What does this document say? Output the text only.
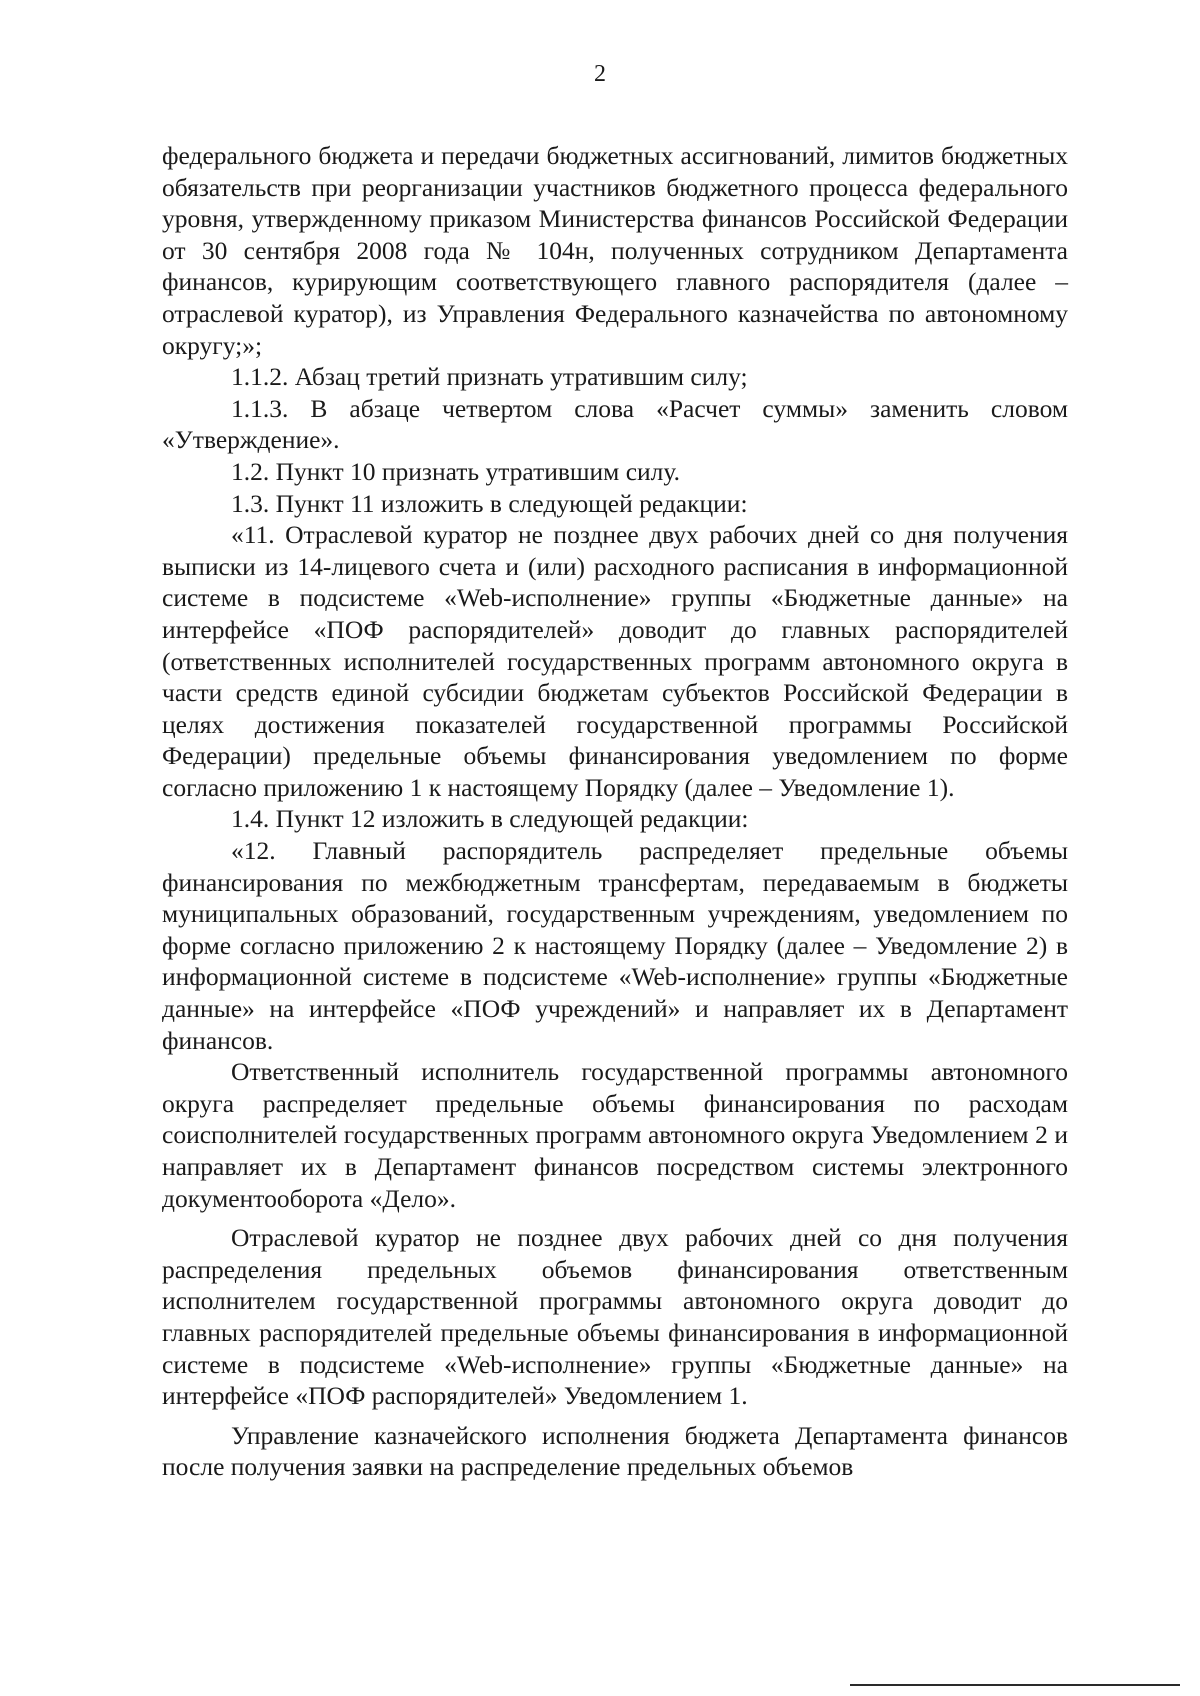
2

федерального бюджета и передачи бюджетных ассигнований, лимитов бюджетных обязательств при реорганизации участников бюджетного процесса федерального уровня, утвержденному приказом Министерства финансов Российской Федерации от 30 сентября 2008 года № 104н, полученных сотрудником Департамента финансов, курирующим соответствующего главного распорядителя (далее – отраслевой куратор), из Управления Федерального казначейства по автономному округу;»;

1.1.2. Абзац третий признать утратившим силу;

1.1.3. В абзаце четвертом слова «Расчет суммы» заменить словом «Утверждение».

1.2. Пункт 10 признать утратившим силу.

1.3. Пункт 11 изложить в следующей редакции:

«11. Отраслевой куратор не позднее двух рабочих дней со дня получения выписки из 14-лицевого счета и (или) расходного расписания в информационной системе в подсистеме «Web-исполнение» группы «Бюджетные данные» на интерфейсе «ПОФ распорядителей» доводит до главных распорядителей (ответственных исполнителей государственных программ автономного округа в части средств единой субсидии бюджетам субъектов Российской Федерации в целях достижения показателей государственной программы Российской Федерации) предельные объемы финансирования уведомлением по форме согласно приложению 1 к настоящему Порядку (далее – Уведомление 1).

1.4. Пункт 12 изложить в следующей редакции:

«12. Главный распорядитель распределяет предельные объемы финансирования по межбюджетным трансфертам, передаваемым в бюджеты муниципальных образований, государственным учреждениям, уведомлением по форме согласно приложению 2 к настоящему Порядку (далее – Уведомление 2) в информационной системе в подсистеме «Web-исполнение» группы «Бюджетные данные» на интерфейсе «ПОФ учреждений» и направляет их в Департамент финансов.

Ответственный исполнитель государственной программы автономного округа распределяет предельные объемы финансирования по расходам соисполнителей государственных программ автономного округа Уведомлением 2 и направляет их в Департамент финансов посредством системы электронного документооборота «Дело».

Отраслевой куратор не позднее двух рабочих дней со дня получения распределения предельных объемов финансирования ответственным исполнителем государственной программы автономного округа доводит до главных распорядителей предельные объемы финансирования в информационной системе в подсистеме «Web-исполнение» группы «Бюджетные данные» на интерфейсе «ПОФ распорядителей» Уведомлением 1.

Управление казначейского исполнения бюджета Департамента финансов после получения заявки на распределение предельных объемов
